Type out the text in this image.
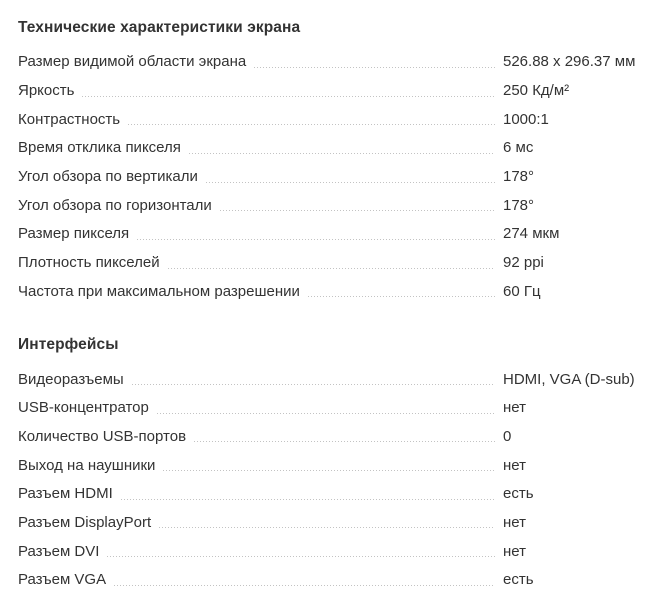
Технические характеристики экрана
Размер видимой области экрана	526.88 x 296.37 мм
Яркость	250 Кд/м²
Контрастность	1000:1
Время отклика пикселя	6 мс
Угол обзора по вертикали	178°
Угол обзора по горизонтали	178°
Размер пикселя	274 мкм
Плотность пикселей	92 ppi
Частота при максимальном разрешении	60 Гц
Интерфейсы
Видеоразъемы	HDMI, VGA (D-sub)
USB-концентратор	нет
Количество USB-портов	0
Выход на наушники	нет
Разъем HDMI	есть
Разъем DisplayPort	нет
Разъем DVI	нет
Разъем VGA	есть
